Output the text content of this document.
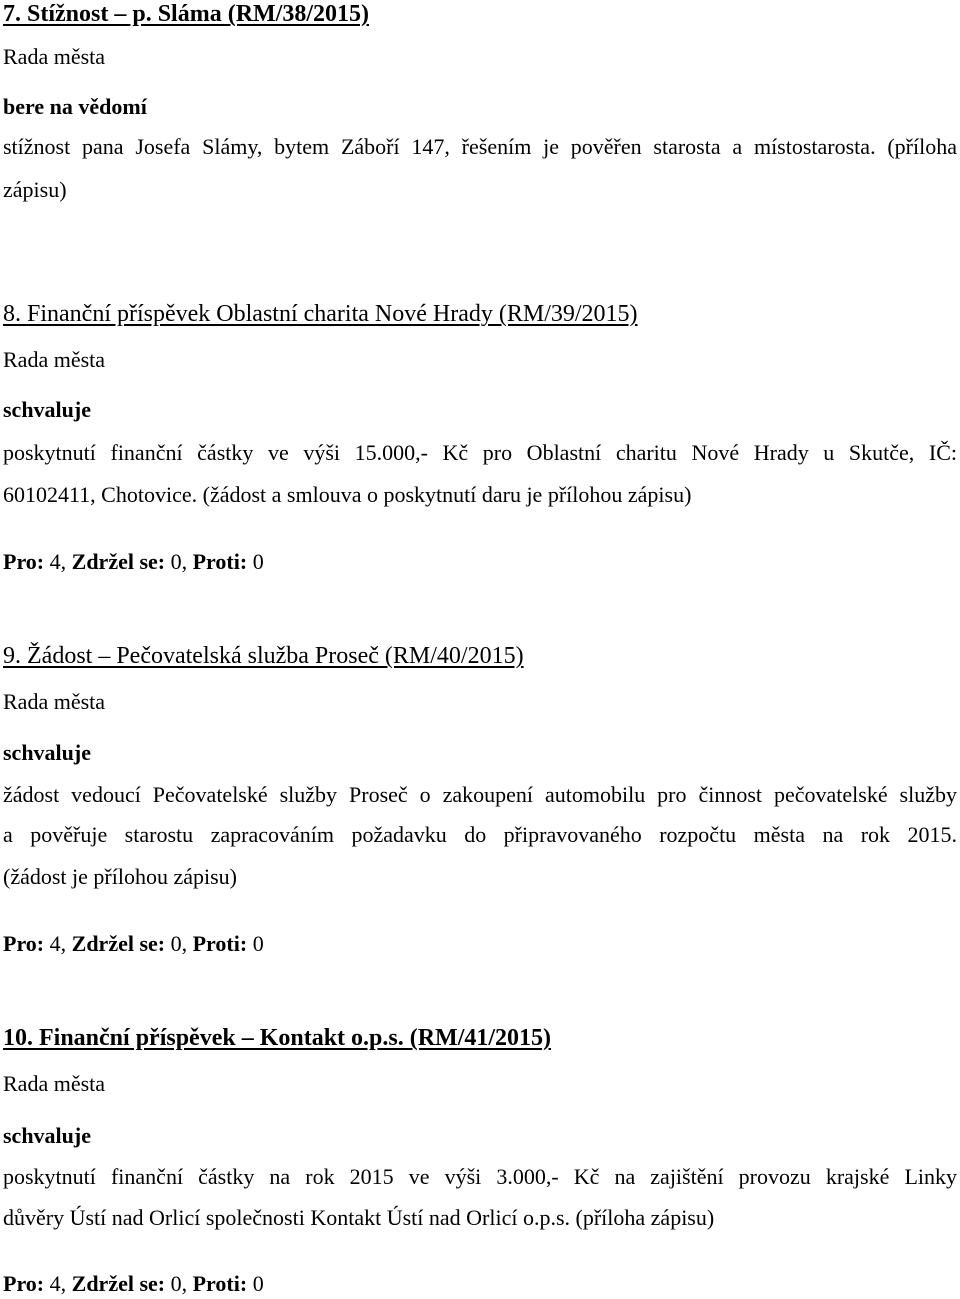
7. Stížnost – p. Sláma (RM/38/2015)
Rada města
bere na vědomí
stížnost pana Josefa Slámy, bytem Záboří 147, řešením je pověřen starosta a místostarosta. (příloha
zápisu)
8. Finanční příspěvek Oblastní charita Nové Hrady (RM/39/2015)
Rada města
schvaluje
poskytnutí finanční částky ve výši 15.000,- Kč pro Oblastní charitu Nové Hrady u Skutče, IČ:
60102411, Chotovice. (žádost a smlouva o poskytnutí daru je přílohou zápisu)
Pro: 4, Zdržel se: 0, Proti: 0
9. Žádost – Pečovatelská služba Proseč (RM/40/2015)
Rada města
schvaluje
žádost vedoucí Pečovatelské služby Proseč o zakoupení automobilu pro činnost pečovatelské služby
a pověřuje starostu zapracováním požadavku do připravovaného rozpočtu města na rok 2015.
(žádost je přílohou zápisu)
Pro: 4, Zdržel se: 0, Proti: 0
10. Finanční příspěvek – Kontakt o.p.s. (RM/41/2015)
Rada města
schvaluje
poskytnutí finanční částky na rok 2015 ve výši 3.000,- Kč na zajištění provozu krajské Linky
důvěry Ústí nad Orlicí společnosti Kontakt Ústí nad Orlicí o.p.s. (příloha zápisu)
Pro: 4, Zdržel se: 0, Proti: 0
